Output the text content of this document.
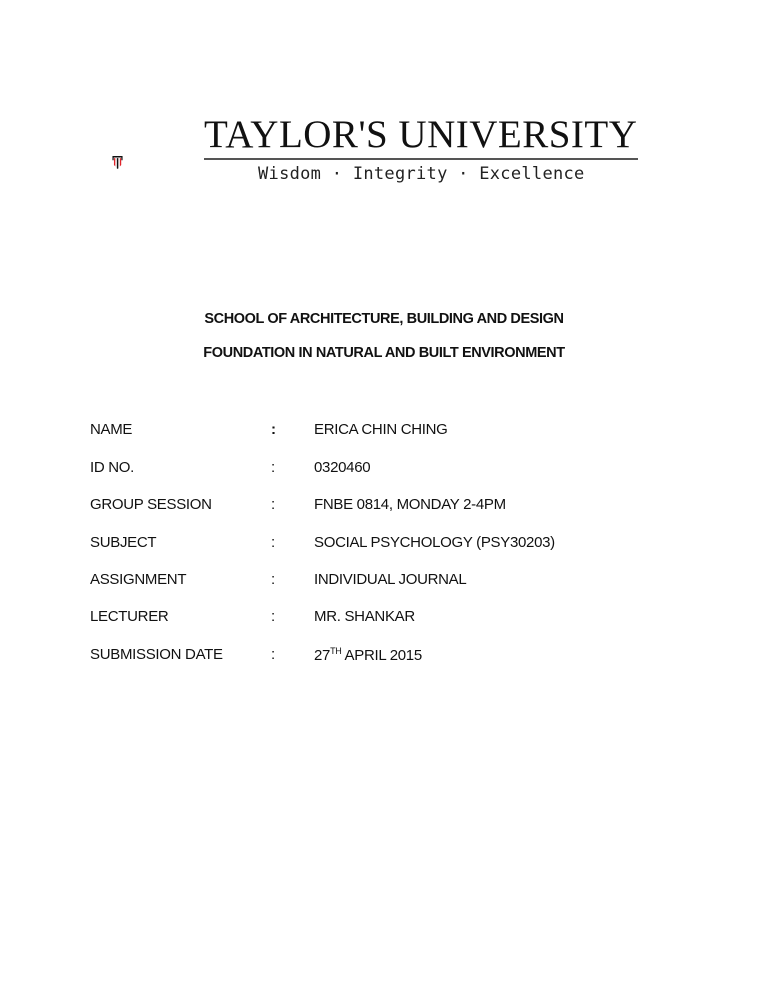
TAYLOR'S UNIVERSITY
Wisdom · Integrity · Excellence
SCHOOL OF ARCHITECTURE, BUILDING AND DESIGN
FOUNDATION IN NATURAL AND BUILT ENVIRONMENT
NAME	:	ERICA CHIN CHING
ID NO.	:	0320460
GROUP SESSION	:	FNBE 0814, MONDAY 2-4PM
SUBJECT	:	SOCIAL PSYCHOLOGY (PSY30203)
ASSIGNMENT	:	INDIVIDUAL JOURNAL
LECTURER	:	MR. SHANKAR
SUBMISSION DATE	:	27TH APRIL 2015
